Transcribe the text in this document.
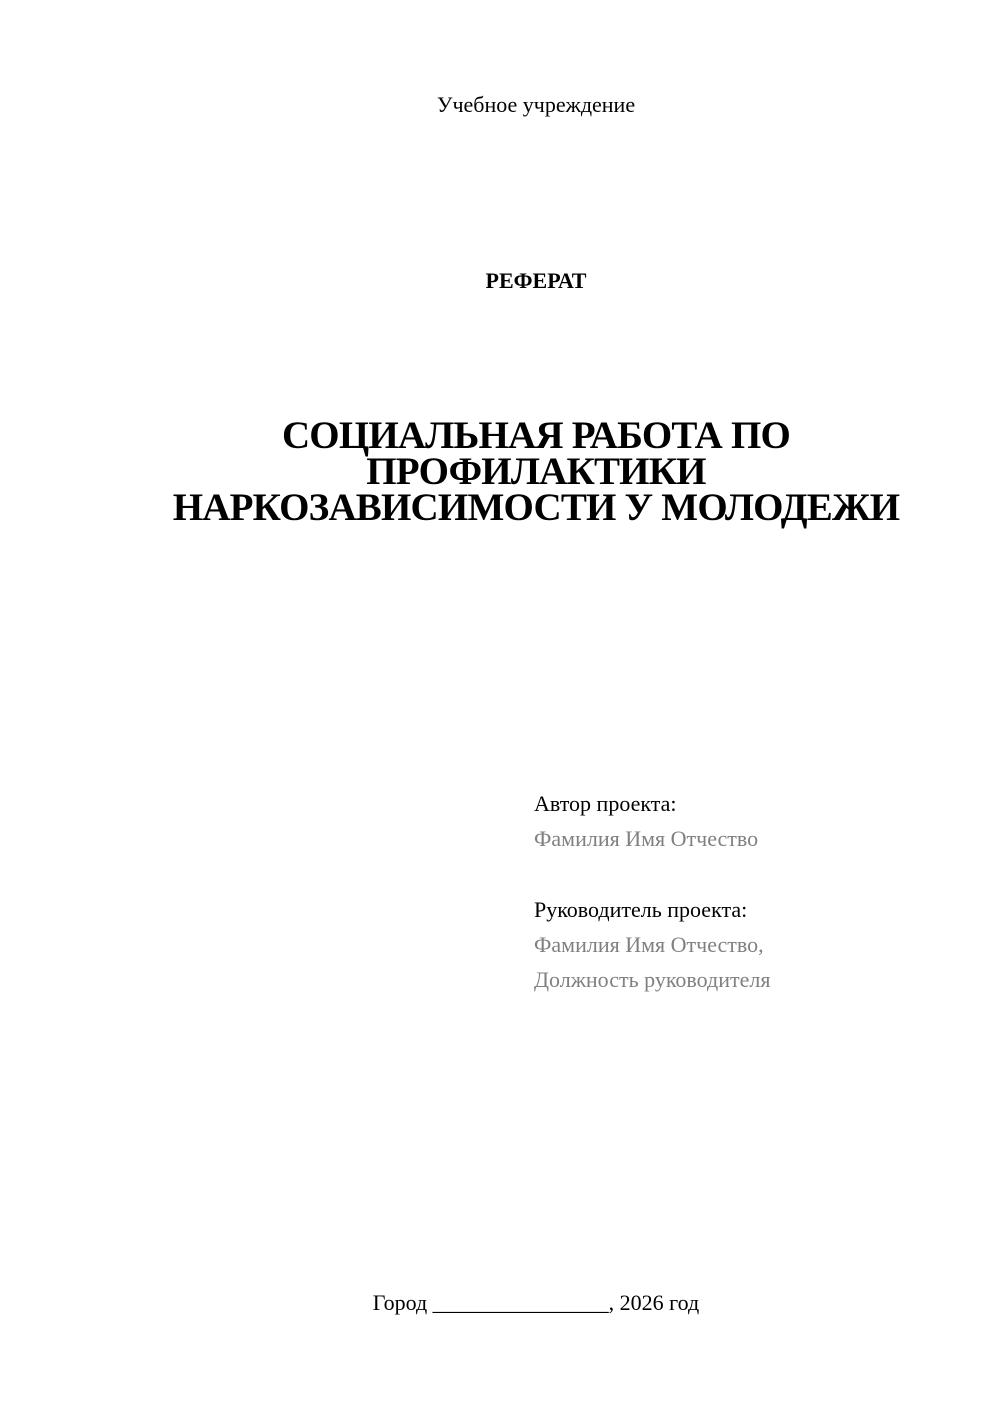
Учебное учреждение
РЕФЕРАТ
СОЦИАЛЬНАЯ РАБОТА ПО
ПРОФИЛАКТИКИ
НАРКОЗАВИСИМОСТИ У МОЛОДЕЖИ
Автор проекта:
Фамилия Имя Отчество
Руководитель проекта:
Фамилия Имя Отчество,
Должность руководителя
Город ________________, 2026 год
